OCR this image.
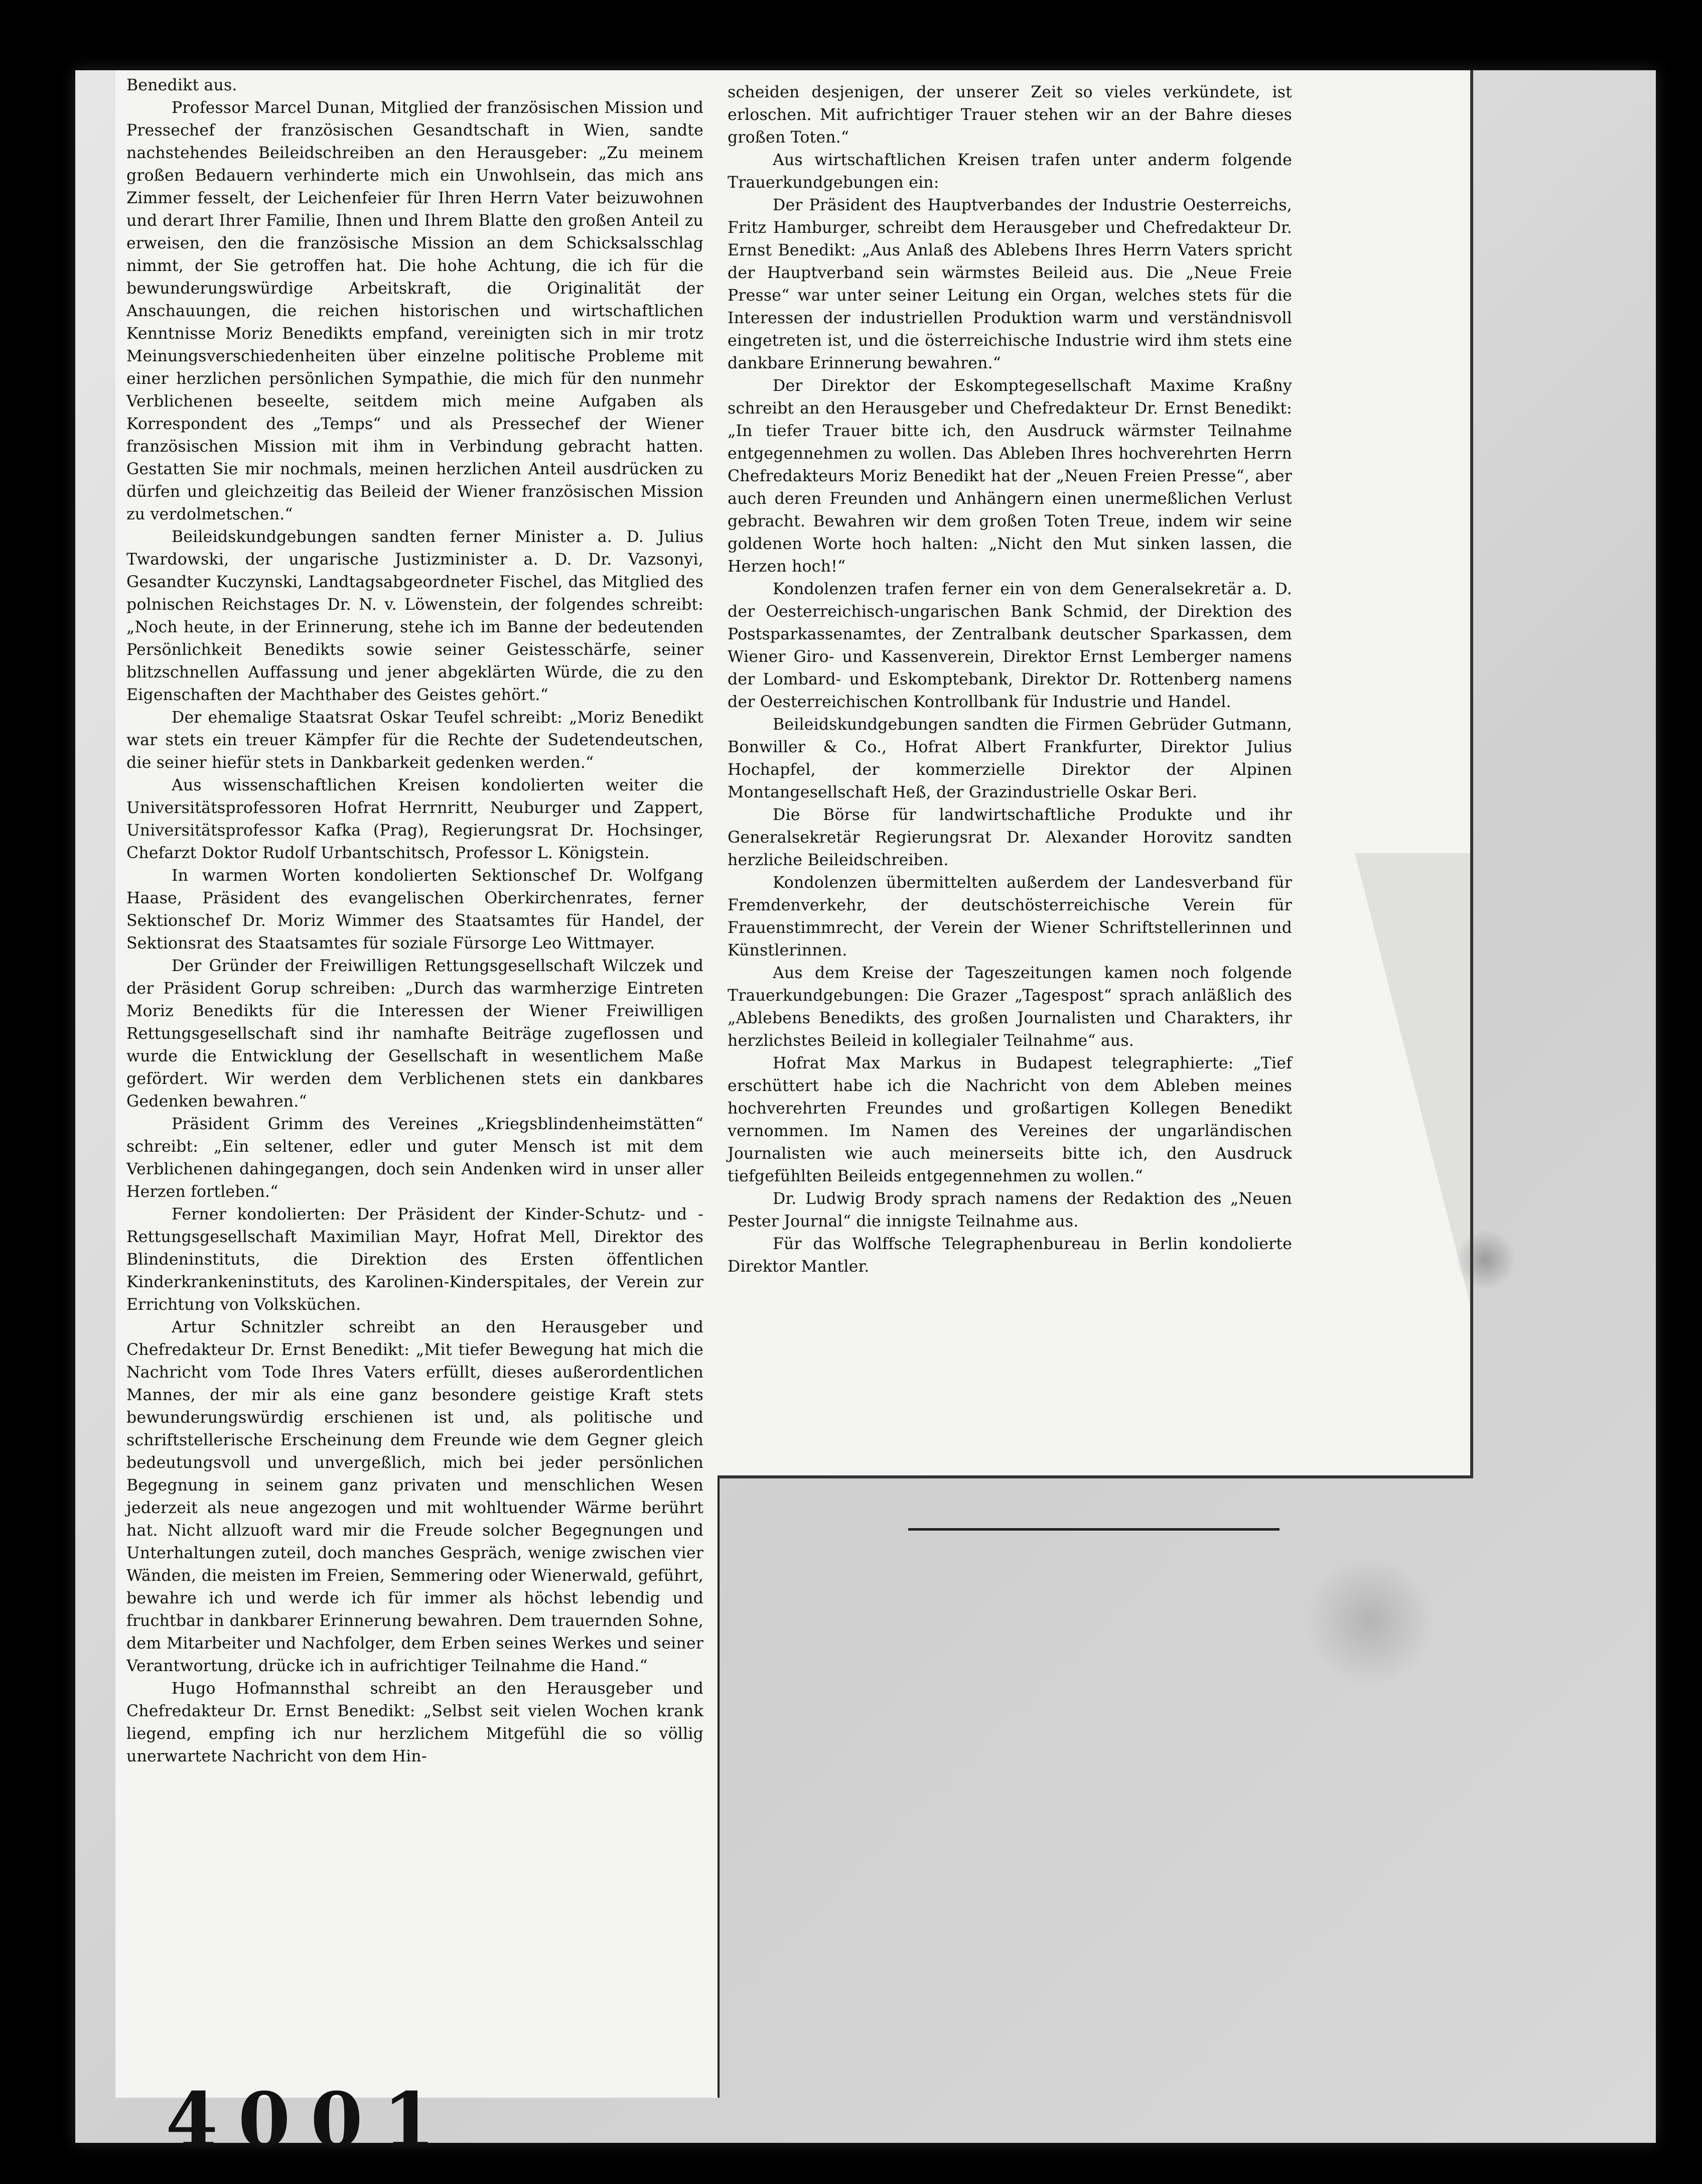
Benedikt aus.

Professor Marcel Dunan, Mitglied der französischen Mission und Pressechef der französischen Gesandtschaft in Wien, sandte nachstehendes Beileidschreiben an den Herausgeber: „Zu meinem großen Bedauern verhinderte mich ein Unwohlsein, das mich ans Zimmer fesselt, der Leichenfeier für Ihren Herrn Vater beizuwohnen und derart Ihrer Familie, Ihnen und Ihrem Blatte den großen Anteil zu erweisen, den die französische Mission an dem Schicksalsschlag nimmt, der Sie getroffen hat. Die hohe Achtung, die ich für die bewunderungswürdige Arbeitskraft, die Originalität der Anschauungen, die reichen historischen und wirtschaftlichen Kenntnisse Moriz Benedikts empfand, vereinigten sich in mir trotz Meinungsverschiedenheiten über einzelne politische Probleme mit einer herzlichen persönlichen Sympathie, die mich für den nunmehr Verblichenen beseelte, seitdem mich meine Aufgaben als Korrespondent des „Temps“ und als Pressechef der Wiener französischen Mission mit ihm in Verbindung gebracht hatten. Gestatten Sie mir nochmals, meinen herzlichen Anteil ausdrücken zu dürfen und gleichzeitig das Beileid der Wiener französischen Mission zu verdolmetschen.“

Beileidskundgebungen sandten ferner Minister a. D. Julius Twardowski, der ungarische Justizminister a. D. Dr. Vazsonyi, Gesandter Kuczynski, Landtagsabgeordneter Fischel, das Mitglied des polnischen Reichstages Dr. N. v. Löwenstein, der folgendes schreibt: „Noch heute, in der Erinnerung, stehe ich im Banne der bedeutenden Persönlichkeit Benedikts sowie seiner Geistesschärfe, seiner blitzschnellen Auffassung und jener abgeklärten Würde, die zu den Eigenschaften der Machthaber des Geistes gehört.“

Der ehemalige Staatsrat Oskar Teufel schreibt: „Moriz Benedikt war stets ein treuer Kämpfer für die Rechte der Sudetendeutschen, die seiner hiefür stets in Dankbarkeit gedenken werden.“

Aus wissenschaftlichen Kreisen kondolierten weiter die Universitätsprofessoren Hofrat Herrnritt, Neuburger und Zappert, Universitätsprofessor Kafka (Prag), Regierungsrat Dr. Hochsinger, Chefarzt Doktor Rudolf Urbantschitsch, Professor L. Königstein.

In warmen Worten kondolierten Sektionschef Dr. Wolfgang Haase, Präsident des evangelischen Oberkirchenrates, ferner Sektionschef Dr. Moriz Wimmer des Staatsamtes für Handel, der Sektionsrat des Staatsamtes für soziale Fürsorge Leo Wittmayer.

Der Gründer der Freiwilligen Rettungsgesellschaft Wilczek und der Präsident Gorup schreiben: „Durch das warmherzige Eintreten Moriz Benedikts für die Interessen der Wiener Freiwilligen Rettungsgesellschaft sind ihr namhafte Beiträge zugeflossen und wurde die Entwicklung der Gesellschaft in wesentlichem Maße gefördert. Wir werden dem Verblichenen stets ein dankbares Gedenken bewahren.“

Präsident Grimm des Vereines „Kriegsblindenheimstätten“ schreibt: „Ein seltener, edler und guter Mensch ist mit dem Verblichenen dahingegangen, doch sein Andenken wird in unser aller Herzen fortleben.“

Ferner kondolierten: Der Präsident der Kinder-Schutz- und -Rettungsgesellschaft Maximilian Mayr, Hofrat Mell, Direktor des Blindeninstituts, die Direktion des Ersten öffentlichen Kinderkrankeninstituts, des Karolinen-Kinderspitales, der Verein zur Errichtung von Volksküchen.

Artur Schnitzler schreibt an den Herausgeber und Chefredakteur Dr. Ernst Benedikt: „Mit tiefer Bewegung hat mich die Nachricht vom Tode Ihres Vaters erfüllt, dieses außerordentlichen Mannes, der mir als eine ganz besondere geistige Kraft stets bewunderungswürdig erschienen ist und, als politische und schriftstellerische Erscheinung dem Freunde wie dem Gegner gleich bedeutungsvoll und unvergeßlich, mich bei jeder persönlichen Begegnung in seinem ganz privaten und menschlichen Wesen jederzeit als neue angezogen und mit wohltuender Wärme berührt hat. Nicht allzuoft ward mir die Freude solcher Begegnungen und Unterhaltungen zuteil, doch manches Gespräch, wenige zwischen vier Wänden, die meisten im Freien, Semmering oder Wienerwald, geführt, bewahre ich und werde ich für immer als höchst lebendig und fruchtbar in dankbarer Erinnerung bewahren. Dem trauernden Sohne, dem Mitarbeiter und Nachfolger, dem Erben seines Werkes und seiner Verantwortung, drücke ich in aufrichtiger Teilnahme die Hand.“

Hugo Hofmannsthal schreibt an den Herausgeber und Chefredakteur Dr. Ernst Benedikt: „Selbst seit vielen Wochen krank liegend, empfing ich nur herzlichem Mitgefühl die so völlig unerwartete Nachricht von dem Hin-

4001

scheiden desjenigen, der unserer Zeit so vieles verkündete, ist erloschen. Mit aufrichtiger Trauer stehen wir an der Bahre dieses großen Toten.“

Aus wirtschaftlichen Kreisen trafen unter anderm folgende Trauerkundgebungen ein:

Der Präsident des Hauptverbandes der Industrie Oesterreichs, Fritz Hamburger, schreibt dem Herausgeber und Chefredakteur Dr. Ernst Benedikt: „Aus Anlaß des Ablebens Ihres Herrn Vaters spricht der Hauptverband sein wärmstes Beileid aus. Die „Neue Freie Presse“ war unter seiner Leitung ein Organ, welches stets für die Interessen der industriellen Produktion warm und verständnisvoll eingetreten ist, und die österreichische Industrie wird ihm stets eine dankbare Erinnerung bewahren.“

Der Direktor der Eskomptegesellschaft Maxime Kraßny schreibt an den Herausgeber und Chefredakteur Dr. Ernst Benedikt: „In tiefer Trauer bitte ich, den Ausdruck wärmster Teilnahme entgegennehmen zu wollen. Das Ableben Ihres hochverehrten Herrn Chefredakteurs Moriz Benedikt hat der „Neuen Freien Presse“, aber auch deren Freunden und Anhängern einen unermeßlichen Verlust gebracht. Bewahren wir dem großen Toten Treue, indem wir seine goldenen Worte hoch halten: „Nicht den Mut sinken lassen, die Herzen hoch!“

Kondolenzen trafen ferner ein von dem Generalsekretär a. D. der Oesterreichisch-ungarischen Bank Schmid, der Direktion des Postsparkassenamtes, der Zentralbank deutscher Sparkassen, dem Wiener Giro- und Kassenverein, Direktor Ernst Lemberger namens der Lombard- und Eskomptebank, Direktor Dr. Rottenberg namens der Oesterreichischen Kontrollbank für Industrie und Handel.

Beileidskundgebungen sandten die Firmen Gebrüder Gutmann, Bonwiller & Co., Hofrat Albert Frankfurter, Direktor Julius Hochapfel, der kommerzielle Direktor der Alpinen Montangesellschaft Heß, der Grazindustrielle Oskar Beri.

Die Börse für landwirtschaftliche Produkte und ihr Generalsekretär Regierungsrat Dr. Alexander Horovitz sandten herzliche Beileidschreiben.

Kondolenzen übermittelten außerdem der Landesverband für Fremdenverkehr, der deutschösterreichische Verein für Frauenstimmrecht, der Verein der Wiener Schriftstellerinnen und Künstlerinnen.

Aus dem Kreise der Tageszeitungen kamen noch folgende Trauerkundgebungen: Die Grazer „Tagespost“ sprach anläßlich des „Ablebens Benedikts, des großen Journalisten und Charakters, ihr herzlichstes Beileid in kollegialer Teilnahme“ aus.

Hofrat Max Markus in Budapest telegraphierte: „Tief erschüttert habe ich die Nachricht von dem Ableben meines hochverehrten Freundes und großartigen Kollegen Benedikt vernommen. Im Namen des Vereines der ungarländischen Journalisten wie auch meinerseits bitte ich, den Ausdruck tiefgefühlten Beileids entgegennehmen zu wollen.“

Dr. Ludwig Brody sprach namens der Redaktion des „Neuen Pester Journal“ die innigste Teilnahme aus.

Für das Wolffsche Telegraphenbureau in Berlin kondolierte Direktor Mantler.
